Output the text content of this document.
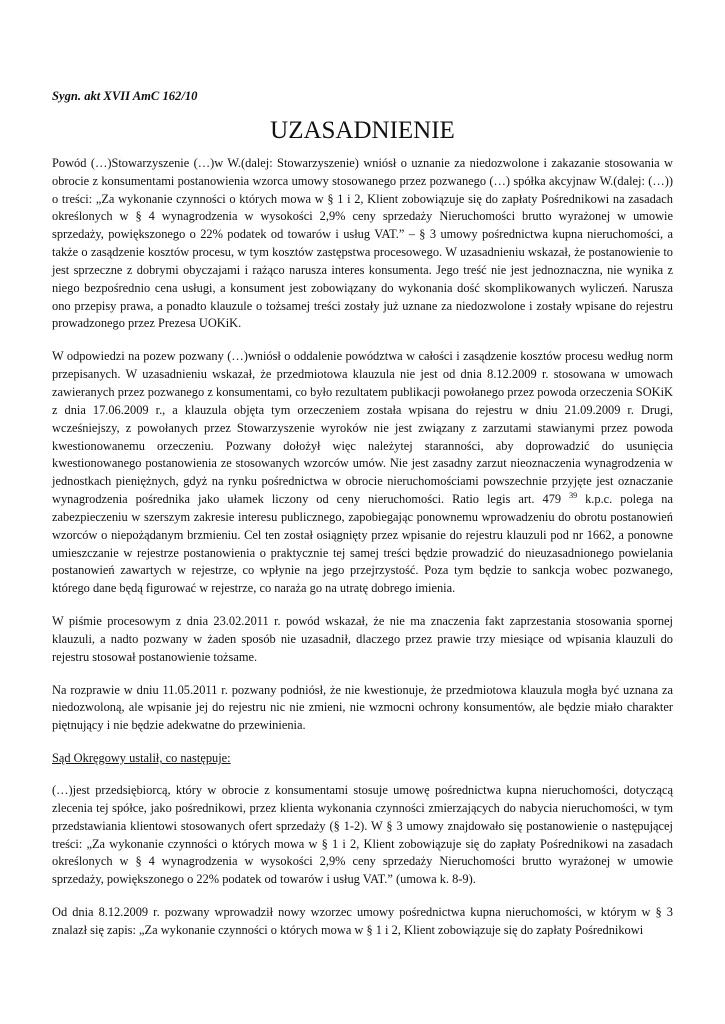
Sygn. akt XVII AmC 162/10
UZASADNIENIE

Powód (…)Stowarzyszenie (…)w W.(dalej: Stowarzyszenie) wniósł o uznanie za niedozwolone i zakazanie stosowania w obrocie z konsumentami postanowienia wzorca umowy stosowanego przez pozwanego (…) spółka akcyjnaw W.(dalej: (…)) o treści: „Za wykonanie czynności o których mowa w § 1 i 2, Klient zobowiązuje się do zapłaty Pośrednikowi na zasadach określonych w § 4 wynagrodzenia w wysokości 2,9% ceny sprzedaży Nieruchomości brutto wyrażonej w umowie sprzedaży, powiększonego o 22% podatek od towarów i usług VAT.” – § 3 umowy pośrednictwa kupna nieruchomości, a także o zasądzenie kosztów procesu, w tym kosztów zastępstwa procesowego. W uzasadnieniu wskazał, że postanowienie to jest sprzeczne z dobrymi obyczajami i rażąco narusza interes konsumenta. Jego treść nie jest jednoznaczna, nie wynika z niego bezpośrednio cena usługi, a konsument jest zobowiązany do wykonania dość skomplikowanych wyliczeń. Narusza ono przepisy prawa, a ponadto klauzule o tożsamej treści zostały już uznane za niedozwolone i zostały wpisane do rejestru prowadzonego przez Prezesa UOKiK.

W odpowiedzi na pozew pozwany (…)wniósł o oddalenie powództwa w całości i zasądzenie kosztów procesu według norm przepisanych. W uzasadnieniu wskazał, że przedmiotowa klauzula nie jest od dnia 8.12.2009 r. stosowana w umowach zawieranych przez pozwanego z konsumentami, co było rezultatem publikacji powołanego przez powoda orzeczenia SOKiK z dnia 17.06.2009 r., a klauzula objęta tym orzeczeniem została wpisana do rejestru w dniu 21.09.2009 r. Drugi, wcześniejszy, z powołanych przez Stowarzyszenie wyroków nie jest związany z zarzutami stawianymi przez powoda kwestionowanemu orzeczeniu. Pozwany dołożył więc należytej staranności, aby doprowadzić do usunięcia kwestionowanego postanowienia ze stosowanych wzorców umów. Nie jest zasadny zarzut nieoznaczenia wynagrodzenia w jednostkach pieniężnych, gdyż na rynku pośrednictwa w obrocie nieruchomościami powszechnie przyjęte jest oznaczanie wynagrodzenia pośrednika jako ułamek liczony od ceny nieruchomości. Ratio legis art. 479 $^{39}$ k.p.c. polega na zabezpieczeniu w szerszym zakresie interesu publicznego, zapobiegając ponownemu wprowadzeniu do obrotu postanowień wzorców o niepożądanym brzmieniu. Cel ten został osiągnięty przez wpisanie do rejestru klauzuli pod nr 1662, a ponowne umieszczanie w rejestrze postanowienia o praktycznie tej samej treści będzie prowadzić do nieuzasadnionego powielania postanowień zawartych w rejestrze, co wpłynie na jego przejrzystość. Poza tym będzie to sankcja wobec pozwanego, którego dane będą figurować w rejestrze, co naraża go na utratę dobrego imienia.

W piśmie procesowym z dnia 23.02.2011 r. powód wskazał, że nie ma znaczenia fakt zaprzestania stosowania spornej klauzuli, a nadto pozwany w żaden sposób nie uzasadnił, dlaczego przez prawie trzy miesiące od wpisania klauzuli do rejestru stosował postanowienie tożsame.

Na rozprawie w dniu 11.05.2011 r. pozwany podniósł, że nie kwestionuje, że przedmiotowa klauzula mogła być uznana za niedozwoloną, ale wpisanie jej do rejestru nic nie zmieni, nie wzmocni ochrony konsumentów, ale będzie miało charakter piętnujący i nie będzie adekwatne do przewinienia.

Sąd Okręgowy ustalił, co następuje:

(…)jest przedsiębiorcą, który w obrocie z konsumentami stosuje umowę pośrednictwa kupna nieruchomości, dotyczącą zlecenia tej spółce, jako pośrednikowi, przez klienta wykonania czynności zmierzających do nabycia nieruchomości, w tym przedstawiania klientowi stosowanych ofert sprzedaży (§ 1-2). W § 3 umowy znajdowało się postanowienie o następującej treści: „Za wykonanie czynności o których mowa w § 1 i 2, Klient zobowiązuje się do zapłaty Pośrednikowi na zasadach określonych w § 4 wynagrodzenia w wysokości 2,9% ceny sprzedaży Nieruchomości brutto wyrażonej w umowie sprzedaży, powiększonego o 22% podatek od towarów i usług VAT.” (umowa k. 8-9).

Od dnia 8.12.2009 r. pozwany wprowadził nowy wzorzec umowy pośrednictwa kupna nieruchomości, w którym w § 3 znalazł się zapis: „Za wykonanie czynności o których mowa w § 1 i 2, Klient zobowiązuje się do zapłaty Pośrednikowi
